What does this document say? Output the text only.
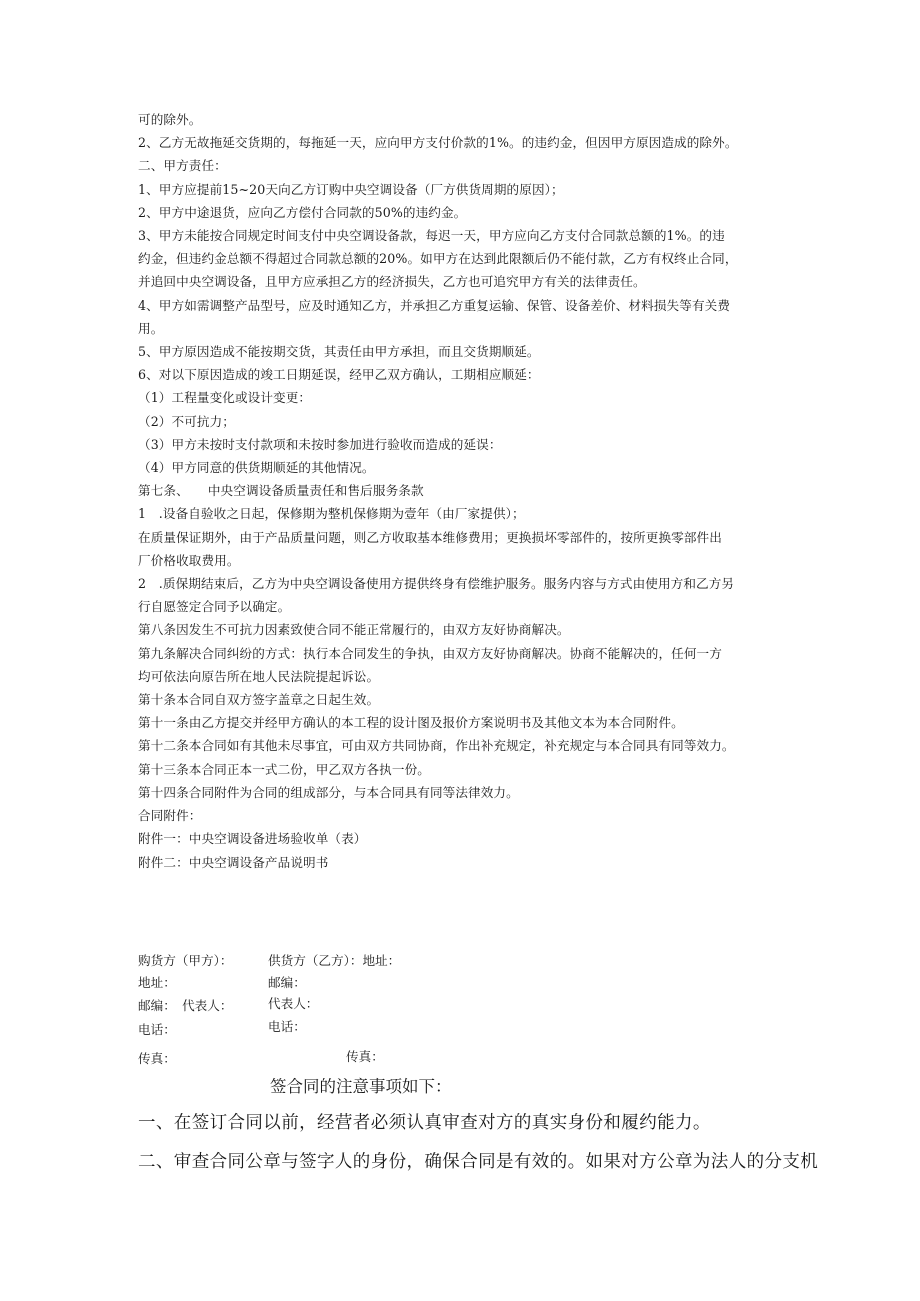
可的除外。
2、乙方无故拖延交货期的，每拖延一天，应向甲方支付价款的1%。的违约金，但因甲方原因造成的除外。
二、甲方责任：
1、甲方应提前15~20天向乙方订购中央空调设备（厂方供货周期的原因）；
2、甲方中途退货，应向乙方偿付合同款的50%的违约金。
3、甲方未能按合同规定时间支付中央空调设备款，每迟一天，甲方应向乙方支付合同款总额的1%。的违
约金，但违约金总额不得超过合同款总额的20%。如甲方在达到此限额后仍不能付款，乙方有权终止合同，
并追回中央空调设备，且甲方应承担乙方的经济损失，乙方也可追究甲方有关的法律责任。
4、甲方如需调整产品型号，应及时通知乙方，并承担乙方重复运输、保管、设备差价、材料损失等有关费
用。
5、甲方原因造成不能按期交货，其责任由甲方承担，而且交货期顺延。
6、对以下原因造成的竣工日期延误，经甲乙双方确认，工期相应顺延：
（1）工程量变化或设计变更：
（2）不可抗力；
（3）甲方未按时支付款项和未按时参加进行验收而造成的延误：
（4）甲方同意的供货期顺延的其他情况。
第七条、　　中央空调设备质量责任和售后服务条款
1　.设备自验收之日起，保修期为整机保修期为壹年（由厂家提供）；
在质量保证期外，由于产品质量问题，则乙方收取基本维修费用；更换损坏零部件的，按所更换零部件出
厂价格收取费用。
2　.质保期结束后，乙方为中央空调设备使用方提供终身有偿维护服务。服务内容与方式由使用方和乙方另
行自愿签定合同予以确定。
第八条因发生不可抗力因素致使合同不能正常履行的，由双方友好协商解决。
第九条解决合同纠纷的方式：执行本合同发生的争执，由双方友好协商解决。协商不能解决的，任何一方
均可依法向原告所在地人民法院提起诉讼。
第十条本合同自双方签字盖章之日起生效。
第十一条由乙方提交并经甲方确认的本工程的设计图及报价方案说明书及其他文本为本合同附件。
第十二条本合同如有其他未尽事宜，可由双方共同协商，作出补充规定，补充规定与本合同具有同等效力。
第十三条本合同正本一式二份，甲乙双方各执一份。
第十四条合同附件为合同的组成部分，与本合同具有同等法律效力。
合同附件：
附件一：中央空调设备进场验收单（表）
附件二：中央空调设备产品说明书
购货方（甲方）：	供货方（乙方）：地址：
地址：	邮编：
邮编：　代表人：	代表人：
电话：	电话：
传真：	传真：
签合同的注意事项如下：
一、在签订合同以前，经营者必须认真审查对方的真实身份和履约能力。
二、审查合同公章与签字人的身份，确保合同是有效的。如果对方公章为法人的分支机
